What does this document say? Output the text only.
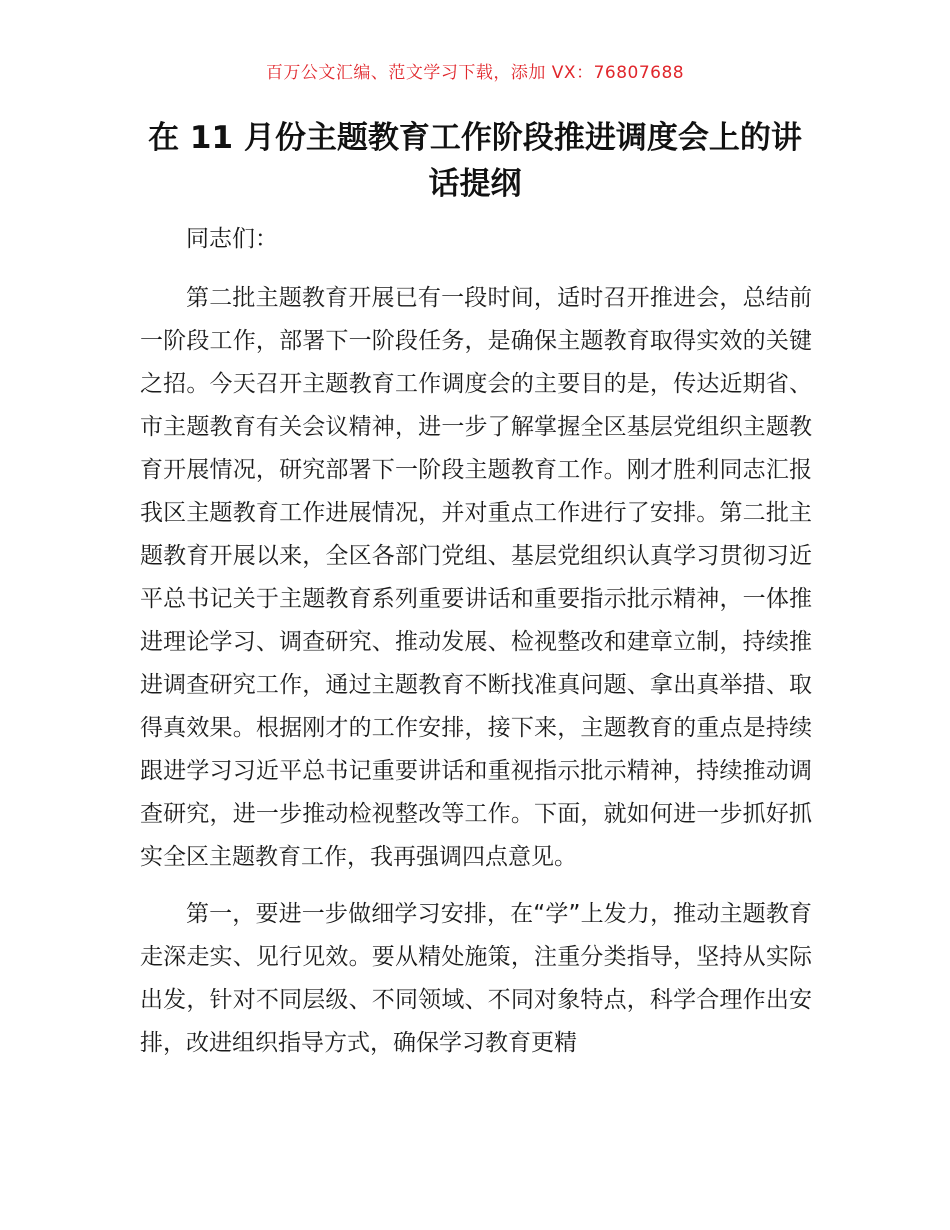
百万公文汇编、范文学习下载，添加 VX：76807688
在 11 月份主题教育工作阶段推进调度会上的讲话提纲

同志们：

第二批主题教育开展已有一段时间，适时召开推进会，总结前一阶段工作，部署下一阶段任务，是确保主题教育取得实效的关键之招。今天召开主题教育工作调度会的主要目的是，传达近期省、市主题教育有关会议精神，进一步了解掌握全区基层党组织主题教育开展情况，研究部署下一阶段主题教育工作。刚才胜利同志汇报我区主题教育工作进展情况，并对重点工作进行了安排。第二批主题教育开展以来，全区各部门党组、基层党组织认真学习贯彻习近平总书记关于主题教育系列重要讲话和重要指示批示精神，一体推进理论学习、调查研究、推动发展、检视整改和建章立制，持续推进调查研究工作，通过主题教育不断找准真问题、拿出真举措、取得真效果。根据刚才的工作安排，接下来，主题教育的重点是持续跟进学习习近平总书记重要讲话和重视指示批示精神，持续推动调查研究，进一步推动检视整改等工作。下面，就如何进一步抓好抓实全区主题教育工作，我再强调四点意见。

第一，要进一步做细学习安排，在“学”上发力，推动主题教育走深走实、见行见效。要从精处施策，注重分类指导，坚持从实际出发，针对不同层级、不同领域、不同对象特点，科学合理作出安排，改进组织指导方式，确保学习教育更精
